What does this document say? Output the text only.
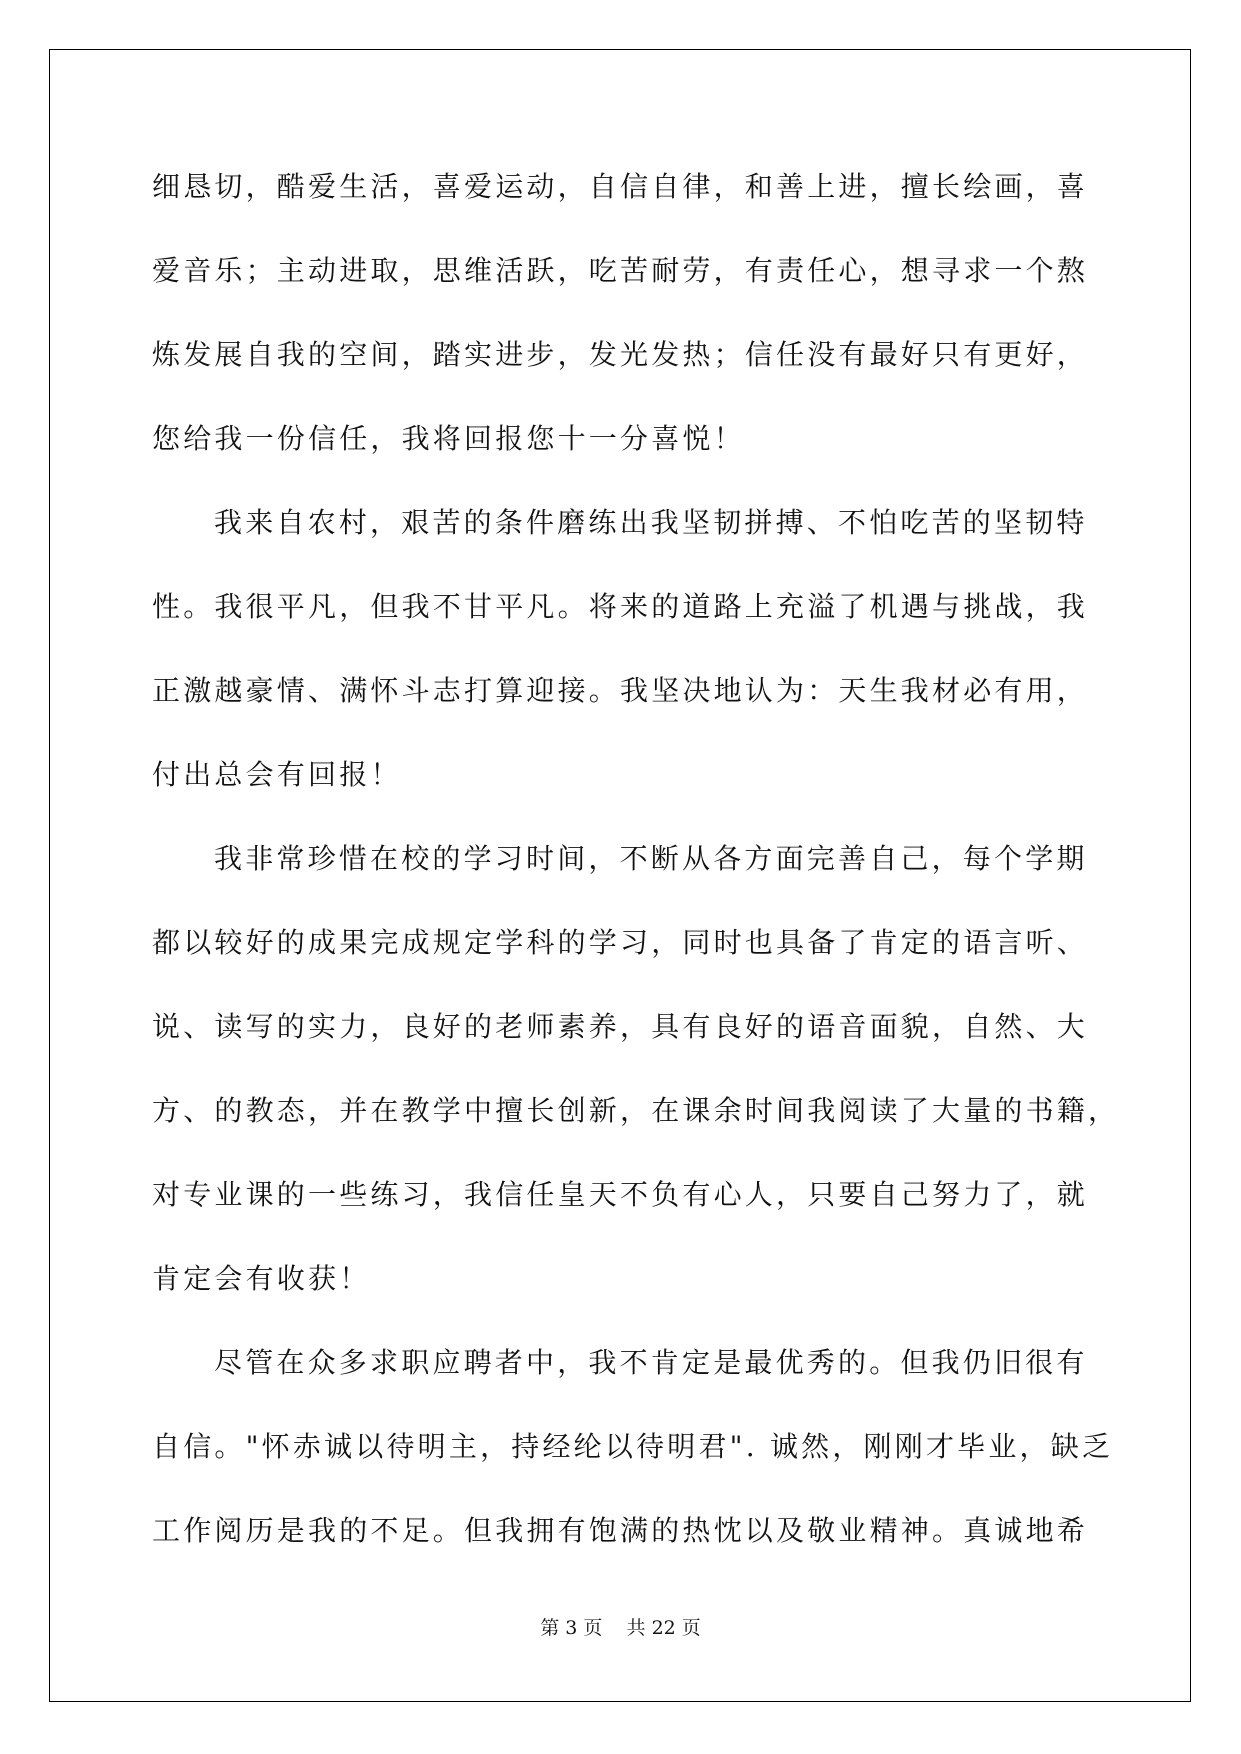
细恳切，酷爱生活，喜爱运动，自信自律，和善上进，擅长绘画，喜
爱音乐；主动进取，思维活跃，吃苦耐劳，有责任心，想寻求一个熬
炼发展自我的空间，踏实进步，发光发热；信任没有最好只有更好，
您给我一份信任，我将回报您十一分喜悦！
我来自农村，艰苦的条件磨练出我坚韧拼搏、不怕吃苦的坚韧特
性。我很平凡，但我不甘平凡。将来的道路上充溢了机遇与挑战，我
正激越豪情、满怀斗志打算迎接。我坚决地认为：天生我材必有用，
付出总会有回报！
我非常珍惜在校的学习时间，不断从各方面完善自己，每个学期
都以较好的成果完成规定学科的学习，同时也具备了肯定的语言听、
说、读写的实力，良好的老师素养，具有良好的语音面貌，自然、大
方、的教态，并在教学中擅长创新，在课余时间我阅读了大量的书籍，
对专业课的一些练习，我信任皇天不负有心人，只要自己努力了，就
肯定会有收获！
尽管在众多求职应聘者中，我不肯定是最优秀的。但我仍旧很有
自信。"怀赤诚以待明主，持经纶以待明君". 诚然，刚刚才毕业，缺乏
工作阅历是我的不足。但我拥有饱满的热忱以及敬业精神。真诚地希
第 3 页 共 22 页
